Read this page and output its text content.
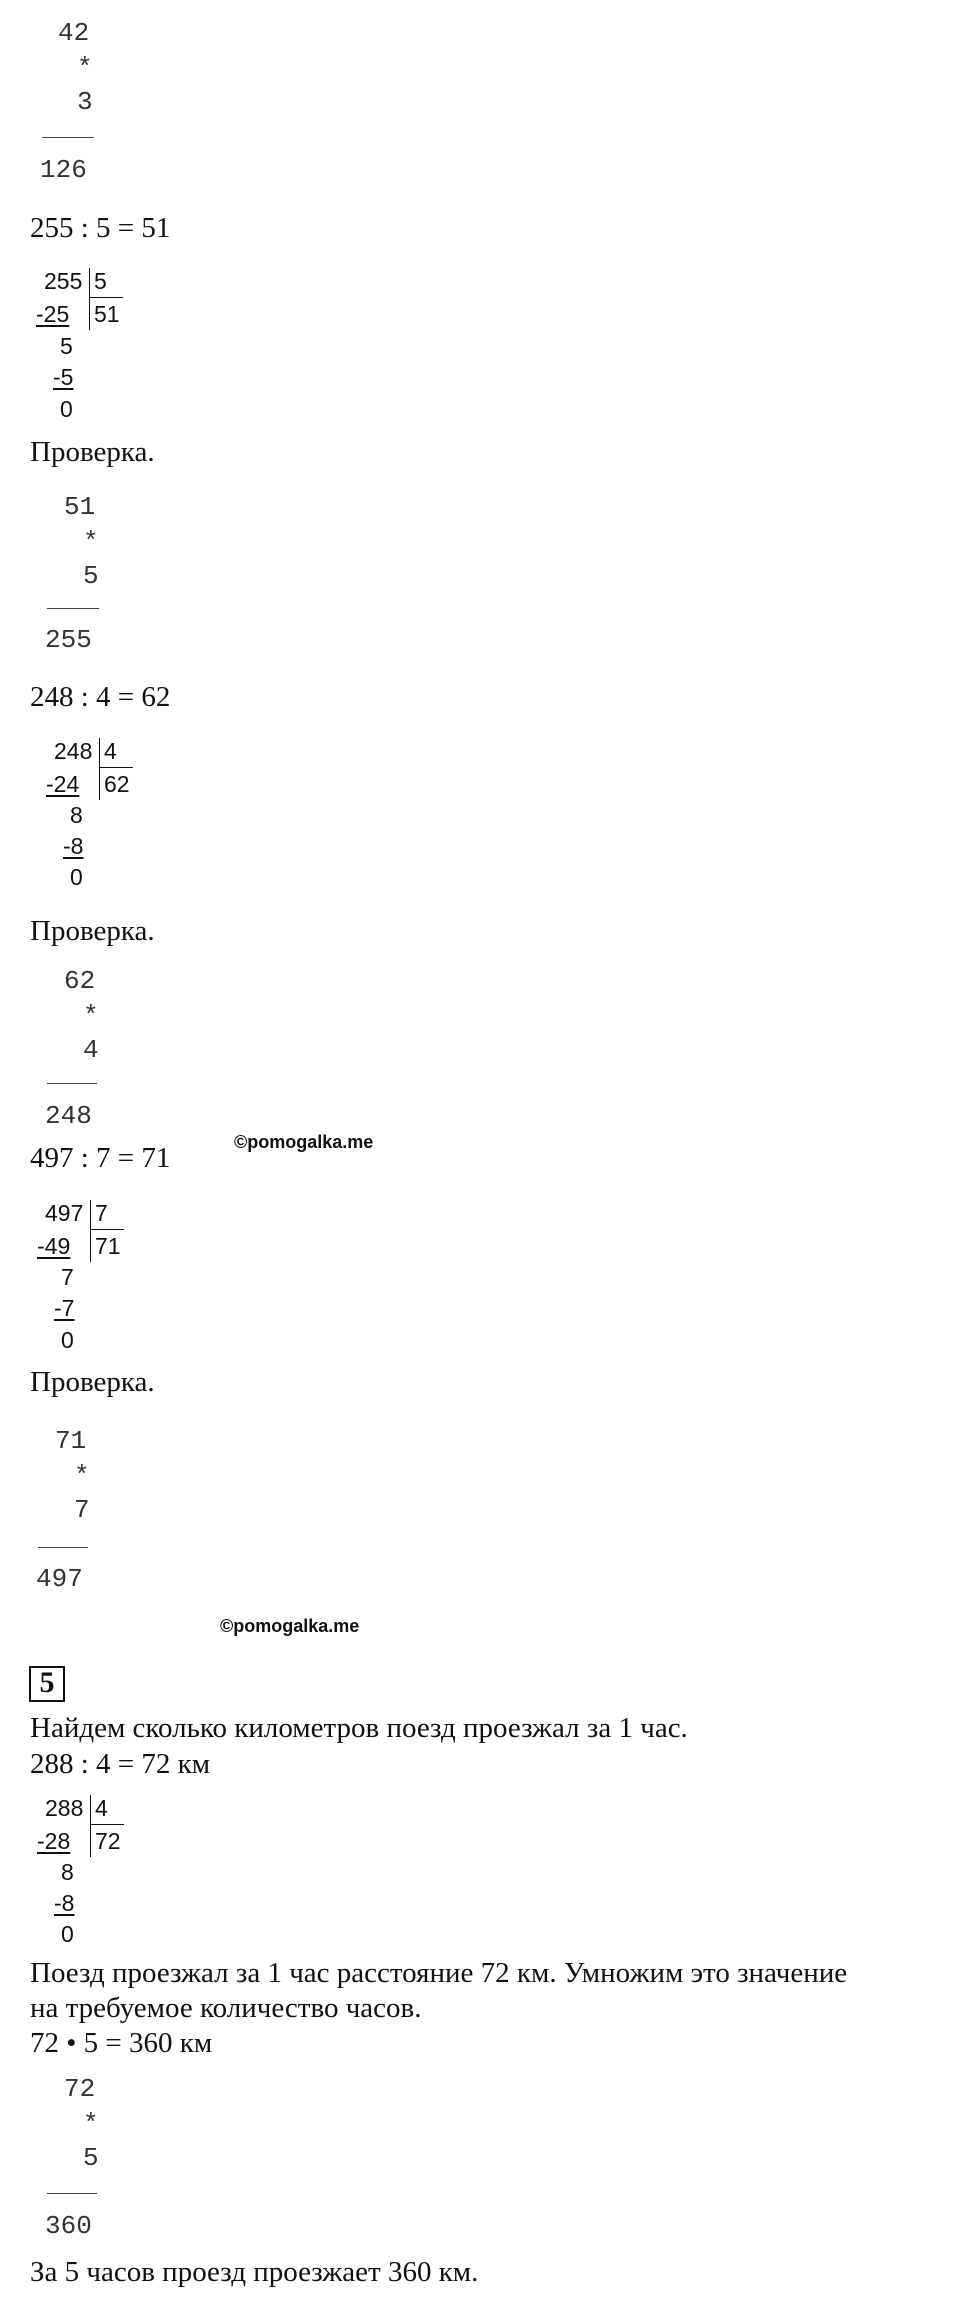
42
*
3
126
255 : 5 = 51
255 5
-25 51
5
-5
0
Проверка.
51
*
5
255
248 : 4 = 62
248 4
-24 62
8
-8
0
Проверка.
62
*
4
248
497 : 7 = 71	©pomogalka.me
497 7
-49 71
7
-7
0
Проверка.
71
*
7
497
©pomogalka.me
5
Найдем сколько километров поезд проезжал за 1 час.
288 : 4 = 72 км
288 4
-28 72
8
-8
0
Поезд проезжал за 1 час расстояние 72 км. Умножим это значение
на требуемое количество часов.
72 • 5 = 360 км
72
*
5
360
За 5 часов проезд проезжает 360 км.
